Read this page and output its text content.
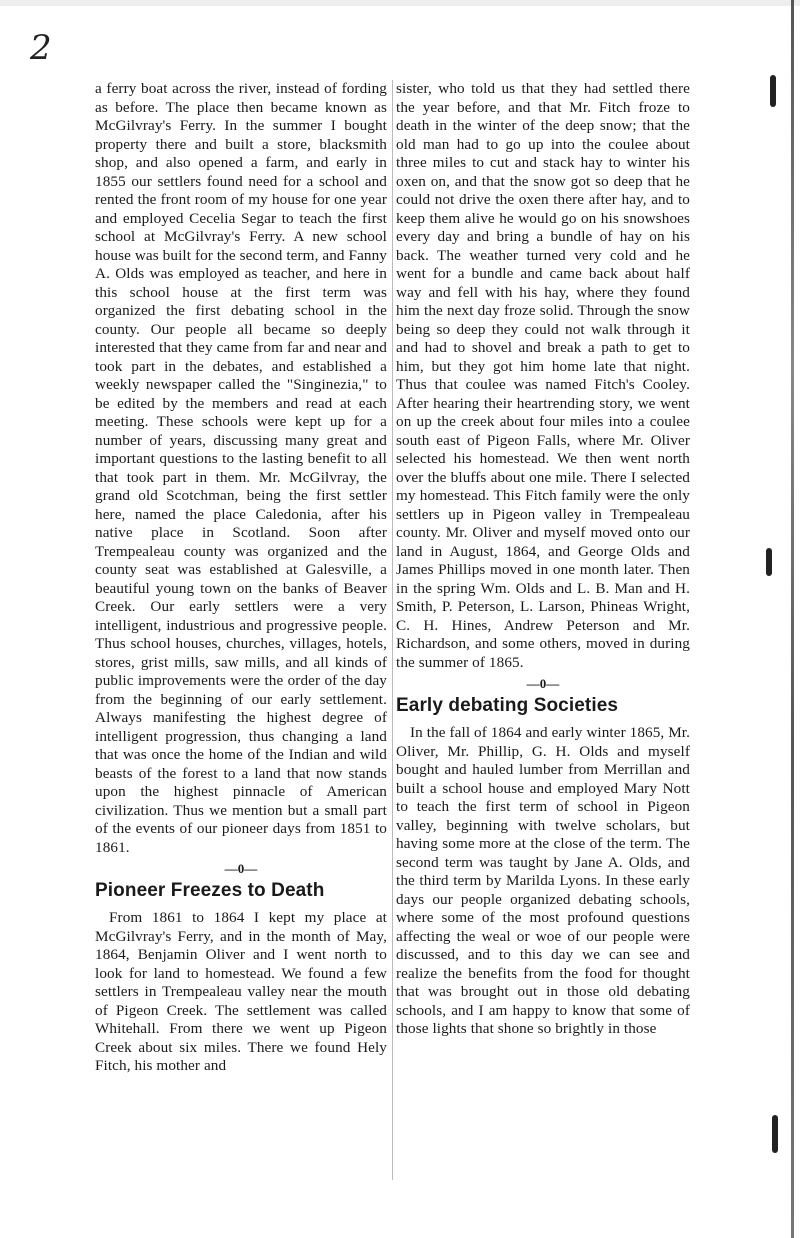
2

a ferry boat across the river, instead of fording as before. The place then became known as McGilvray's Ferry. In the summer I bought property there and built a store, blacksmith shop, and also opened a farm, and early in 1855 our settlers found need for a school and rented the front room of my house for one year and employed Cecelia Segar to teach the first school at McGilvray's Ferry. A new school house was built for the second term, and Fanny A. Olds was employed as teacher, and here in this school house at the first term was organized the first debating school in the county. Our people all became so deeply interested that they came from far and near and took part in the debates, and established a weekly newspaper called the "Singinezia," to be edited by the members and read at each meeting. These schools were kept up for a number of years, discussing many great and important questions to the lasting benefit to all that took part in them. Mr. McGilvray, the grand old Scotchman, being the first settler here, named the place Caledonia, after his native place in Scotland. Soon after Trempealeau county was organized and the county seat was established at Galesville, a beautiful young town on the banks of Beaver Creek. Our early settlers were a very intelligent, industrious and progressive people. Thus school houses, churches, villages, hotels, stores, grist mills, saw mills, and all kinds of public improvements were the order of the day from the beginning of our early settlement. Always manifesting the highest degree of intelligent progression, thus changing a land that was once the home of the Indian and wild beasts of the forest to a land that now stands upon the highest pinnacle of American civilization. Thus we mention but a small part of the events of our pioneer days from 1851 to 1861.

—0—
Pioneer Freezes to Death

From 1861 to 1864 I kept my place at McGilvray's Ferry, and in the month of May, 1864, Benjamin Oliver and I went north to look for land to homestead. We found a few settlers in Trempealeau valley near the mouth of Pigeon Creek. The settlement was called Whitehall. From there we went up Pigeon Creek about six miles. There we found Hely Fitch, his mother and

sister, who told us that they had settled there the year before, and that Mr. Fitch froze to death in the winter of the deep snow; that the old man had to go up into the coulee about three miles to cut and stack hay to winter his oxen on, and that the snow got so deep that he could not drive the oxen there after hay, and to keep them alive he would go on his snowshoes every day and bring a bundle of hay on his back. The weather turned very cold and he went for a bundle and came back about half way and fell with his hay, where they found him the next day froze solid. Through the snow being so deep they could not walk through it and had to shovel and break a path to get to him, but they got him home late that night. Thus that coulee was named Fitch's Cooley. After hearing their heartrending story, we went on up the creek about four miles into a coulee south east of Pigeon Falls, where Mr. Oliver selected his homestead. We then went north over the bluffs about one mile. There I selected my homestead. This Fitch family were the only settlers up in Pigeon valley in Trempealeau county. Mr. Oliver and myself moved onto our land in August, 1864, and George Olds and James Phillips moved in one month later. Then in the spring Wm. Olds and L. B. Man and H. Smith, P. Peterson, L. Larson, Phineas Wright, C. H. Hines, Andrew Peterson and Mr. Richardson, and some others, moved in during the summer of 1865.

—0—
Early debating Societies

In the fall of 1864 and early winter 1865, Mr. Oliver, Mr. Phillip, G. H. Olds and myself bought and hauled lumber from Merrillan and built a school house and employed Mary Nott to teach the first term of school in Pigeon valley, beginning with twelve scholars, but having some more at the close of the term. The second term was taught by Jane A. Olds, and the third term by Marilda Lyons. In these early days our people organized debating schools, where some of the most profound questions affecting the weal or woe of our people were discussed, and to this day we can see and realize the benefits from the food for thought that was brought out in those old debating schools, and I am happy to know that some of those lights that shone so brightly in those
